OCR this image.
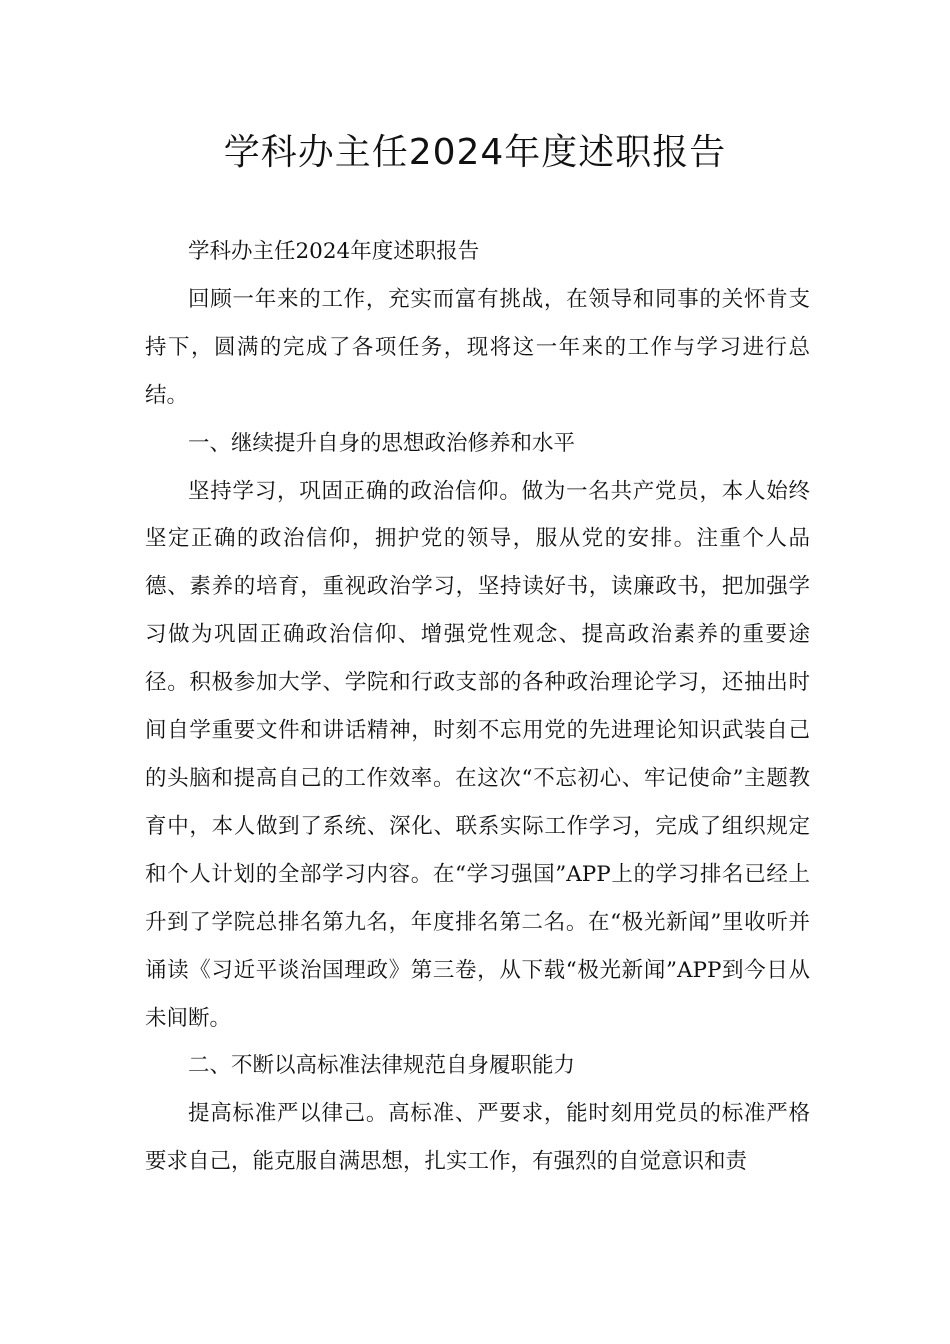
学科办主任2024年度述职报告

学科办主任2024年度述职报告

回顾一年来的工作，充实而富有挑战，在领导和同事的关怀肯支持下，圆满的完成了各项任务，现将这一年来的工作与学习进行总结。

一、继续提升自身的思想政治修养和水平

坚持学习，巩固正确的政治信仰。做为一名共产党员，本人始终坚定正确的政治信仰，拥护党的领导，服从党的安排。注重个人品德、素养的培育，重视政治学习，坚持读好书，读廉政书，把加强学习做为巩固正确政治信仰、增强党性观念、提高政治素养的重要途径。积极参加大学、学院和行政支部的各种政治理论学习，还抽出时间自学重要文件和讲话精神，时刻不忘用党的先进理论知识武装自己的头脑和提高自己的工作效率。在这次“不忘初心、牢记使命”主题教育中，本人做到了系统、深化、联系实际工作学习，完成了组织规定和个人计划的全部学习内容。在“学习强国”APP上的学习排名已经上升到了学院总排名第九名，年度排名第二名。在“极光新闻”里收听并诵读《习近平谈治国理政》第三卷，从下载“极光新闻”APP到今日从未间断。

二、不断以高标准法律规范自身履职能力

提高标准严以律己。高标准、严要求，能时刻用党员的标准严格要求自己，能克服自满思想，扎实工作，有强烈的自觉意识和责
